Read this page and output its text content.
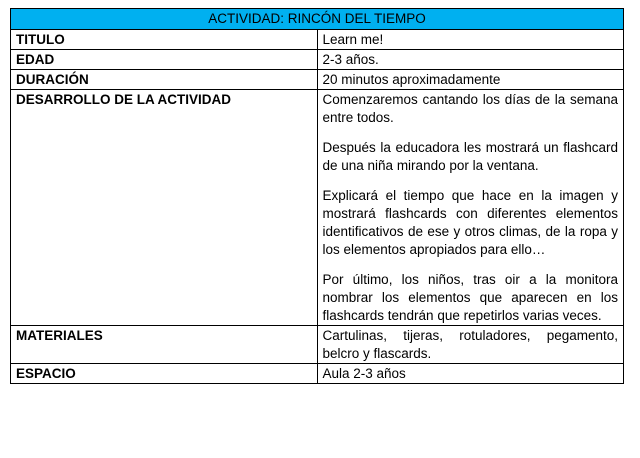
ACTIVIDAD: RINCÓN DEL TIEMPO	
TITULO	Learn me!

EDAD	2-3 años.

DURACIÓN	20 minutos aproximadamente

DESARROLLO DE LA ACTIVIDAD	Comenzaremos cantando los días de la semana entre todos.

Después la educadora les mostrará un flashcard de una niña mirando por la ventana.

Explicará el tiempo que hace en la imagen y mostrará flashcards con diferentes elementos identificativos de ese y otros climas, de la ropa y los elementos apropiados para ello…

Por último, los niños, tras oir a la monitora nombrar los elementos que aparecen en los flashcards tendrán que repetirlos varias veces.

MATERIALES	Cartulinas, tijeras, rotuladores, pegamento, belcro y flascards.

ESPACIO	Aula 2-3 años
